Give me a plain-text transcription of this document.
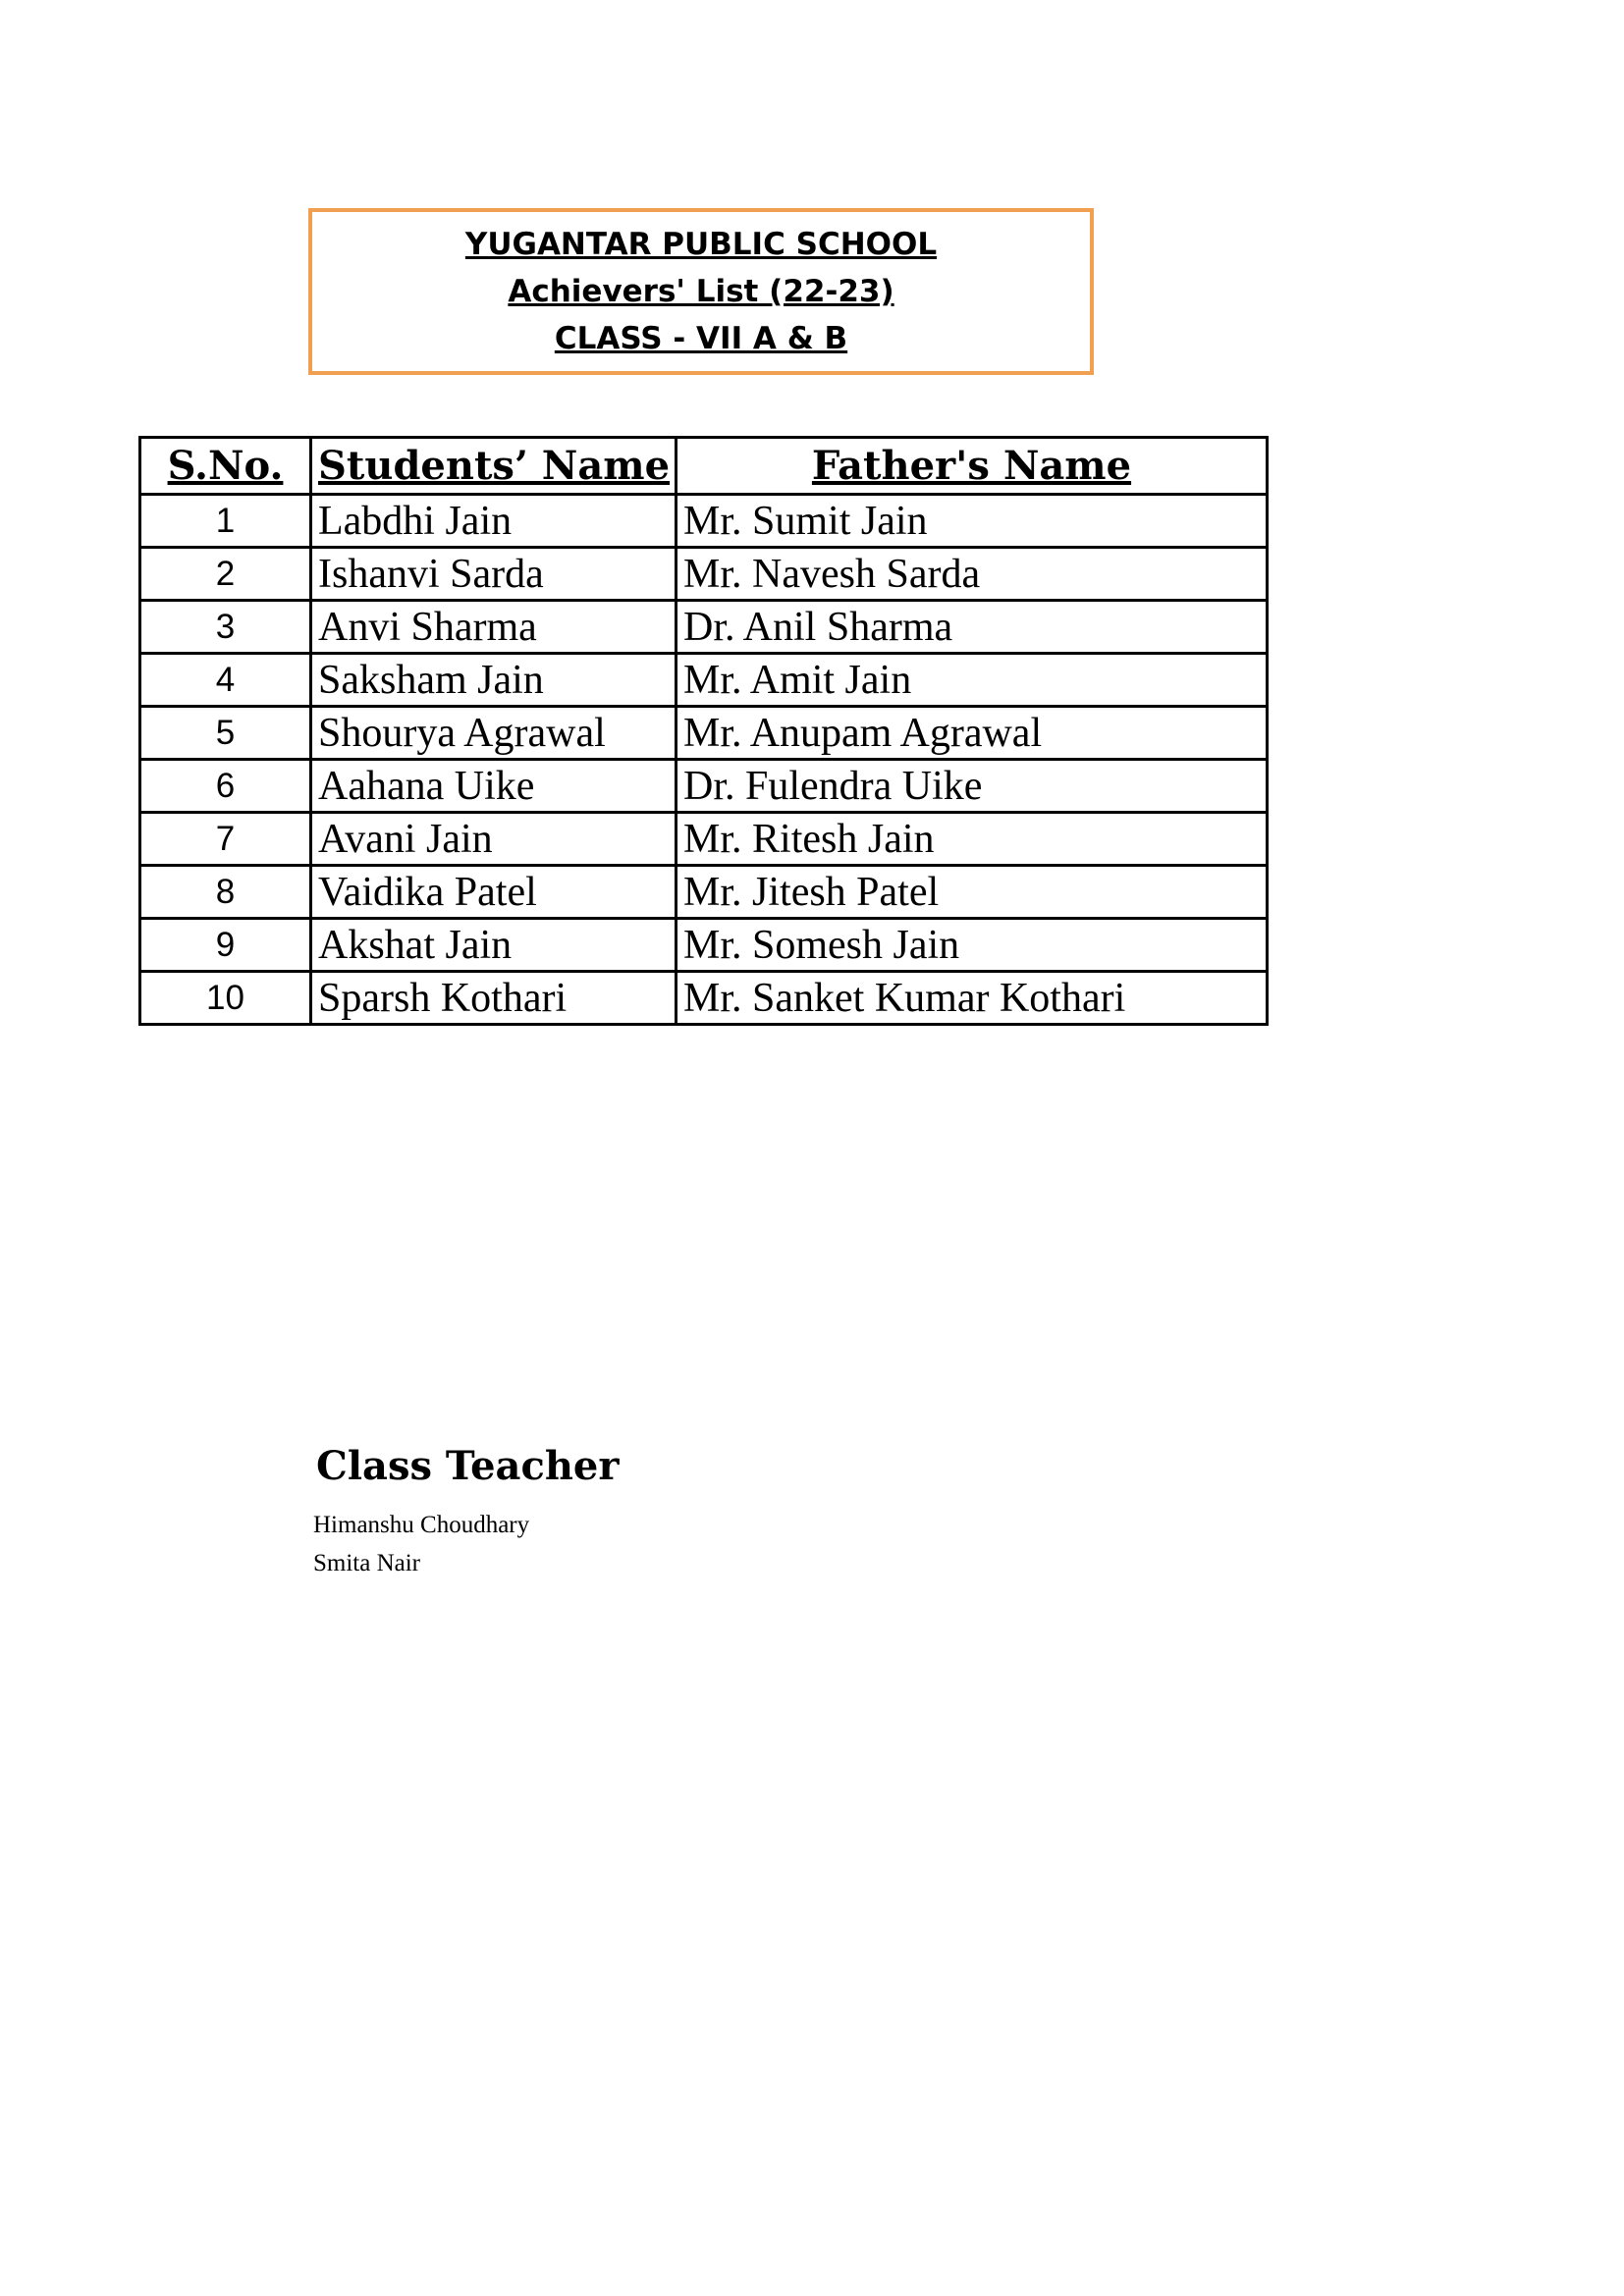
YUGANTAR PUBLIC SCHOOL
Achievers' List (22-23)
CLASS - VII A & B
S.No.	Students’ Name	Father's Name
1	Labdhi Jain	Mr. Sumit Jain
2	Ishanvi Sarda	Mr. Navesh Sarda
3	Anvi Sharma	Dr. Anil Sharma
4	Saksham Jain	Mr. Amit Jain
5	Shourya Agrawal	Mr. Anupam Agrawal
6	Aahana Uike	Dr. Fulendra Uike
7	Avani Jain	Mr. Ritesh Jain
8	Vaidika Patel	Mr. Jitesh Patel
9	Akshat Jain	Mr. Somesh Jain
10	Sparsh Kothari	Mr. Sanket Kumar Kothari
Class Teacher
Himanshu Choudhary
Smita Nair
